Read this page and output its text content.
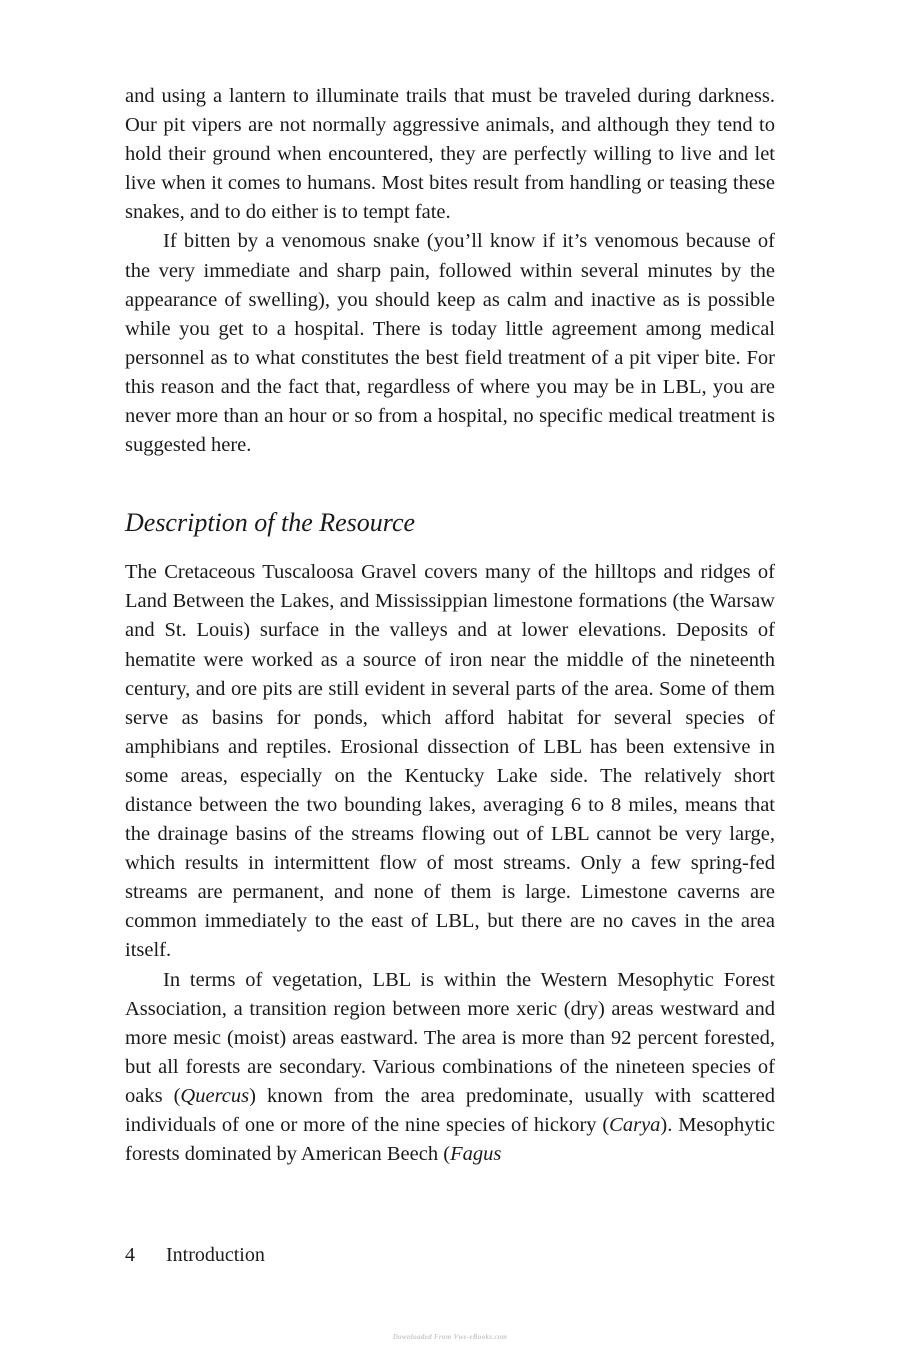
and using a lantern to illuminate trails that must be traveled during darkness. Our pit vipers are not normally aggressive animals, and although they tend to hold their ground when encountered, they are perfectly willing to live and let live when it comes to humans. Most bites result from handling or teasing these snakes, and to do either is to tempt fate.

If bitten by a venomous snake (you’ll know if it’s venomous because of the very immediate and sharp pain, followed within several minutes by the appearance of swelling), you should keep as calm and inactive as is possible while you get to a hospital. There is today little agreement among medical personnel as to what constitutes the best field treatment of a pit viper bite. For this reason and the fact that, regardless of where you may be in LBL, you are never more than an hour or so from a hospital, no specific medical treatment is suggested here.

Description of the Resource

The Cretaceous Tuscaloosa Gravel covers many of the hilltops and ridges of Land Between the Lakes, and Mississippian limestone formations (the Warsaw and St. Louis) surface in the valleys and at lower elevations. Deposits of hematite were worked as a source of iron near the middle of the nineteenth century, and ore pits are still evident in several parts of the area. Some of them serve as basins for ponds, which afford habitat for several species of amphibians and reptiles. Erosional dissection of LBL has been extensive in some areas, especially on the Kentucky Lake side. The relatively short distance between the two bounding lakes, averaging 6 to 8 miles, means that the drainage basins of the streams flowing out of LBL cannot be very large, which results in intermittent flow of most streams. Only a few spring-fed streams are permanent, and none of them is large. Limestone caverns are common immediately to the east of LBL, but there are no caves in the area itself.

In terms of vegetation, LBL is within the Western Mesophytic Forest Association, a transition region between more xeric (dry) areas westward and more mesic (moist) areas eastward. The area is more than 92 percent forested, but all forests are secondary. Various combinations of the nineteen species of oaks (Quercus) known from the area predominate, usually with scattered individuals of one or more of the nine species of hickory (Carya). Mesophytic forests dominated by American Beech (Fagus

4 Introduction
Downloaded From Vwe-eBooks.com
